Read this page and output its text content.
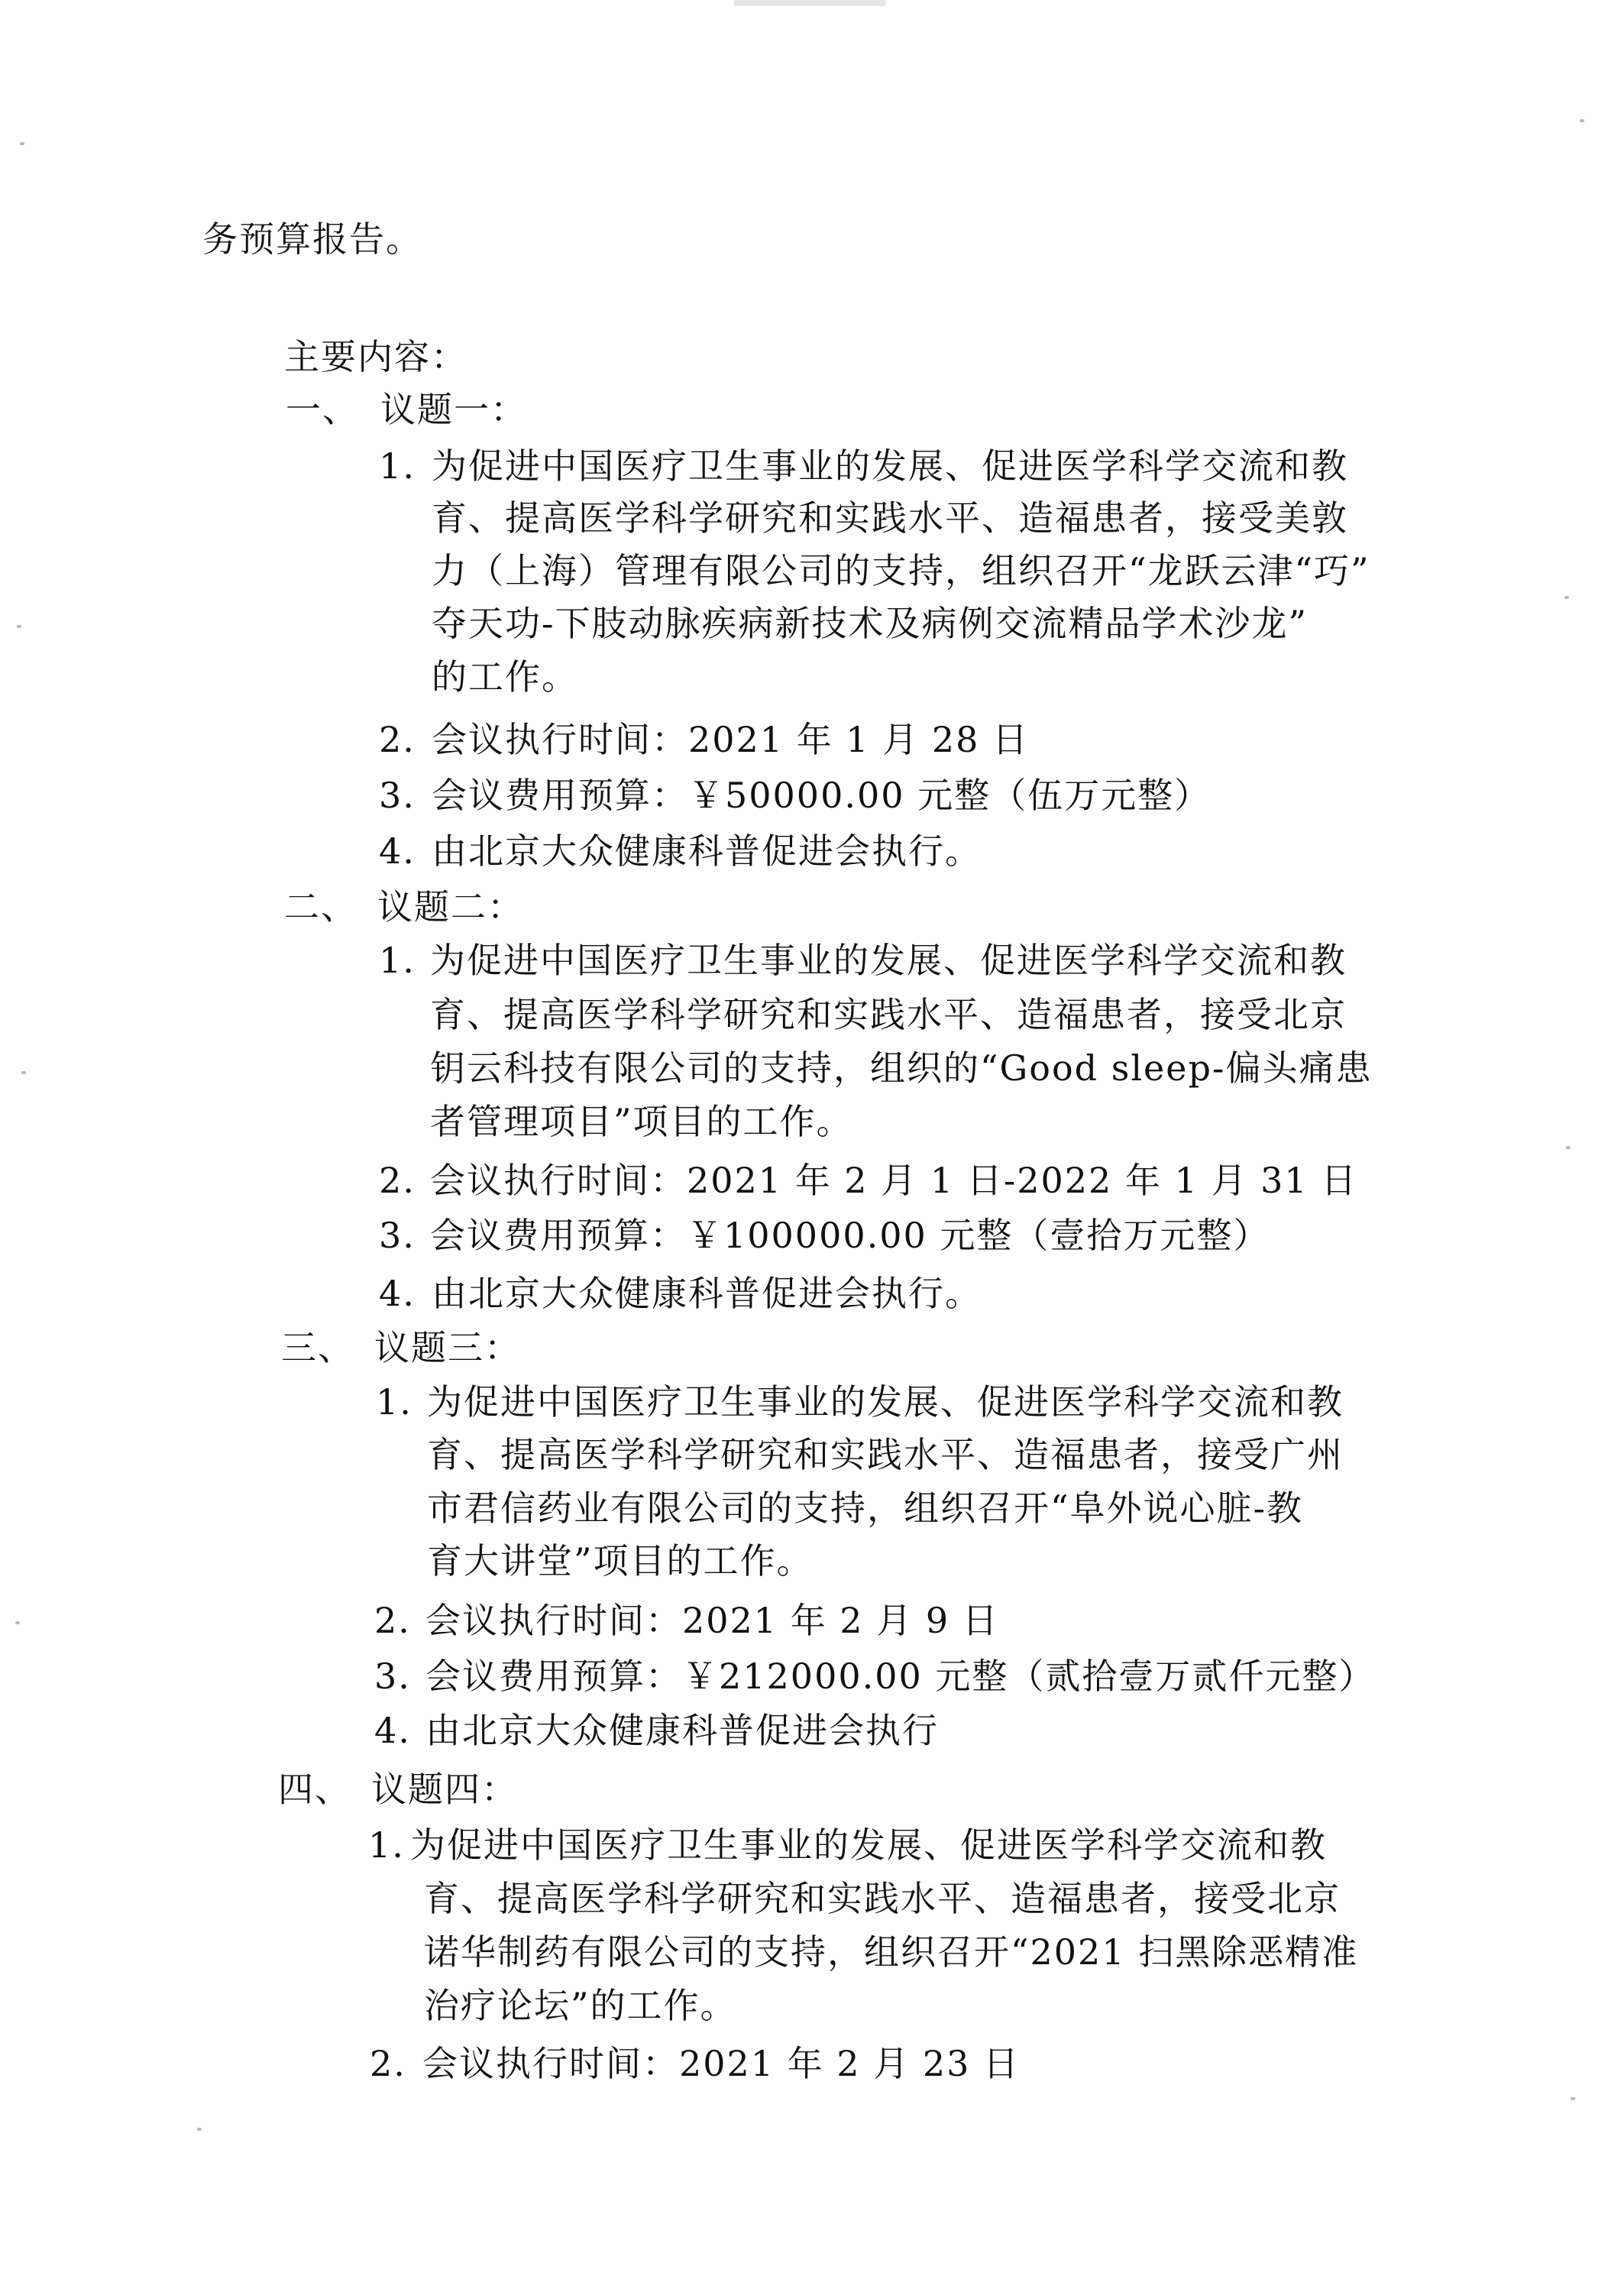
务预算报告。
主要内容：
一、 议题一：
1. 为促进中国医疗卫生事业的发展、促进医学科学交流和教
育、提高医学科学研究和实践水平、造福患者，接受美敦
力（上海）管理有限公司的支持，组织召开“龙跃云津“巧”
夺天功-下肢动脉疾病新技术及病例交流精品学术沙龙”
的工作。
2. 会议执行时间：2021 年 1 月 28 日
3. 会议费用预算：￥50000.00 元整（伍万元整）
4. 由北京大众健康科普促进会执行。
二、 议题二：
1. 为促进中国医疗卫生事业的发展、促进医学科学交流和教
育、提高医学科学研究和实践水平、造福患者，接受北京
钥云科技有限公司的支持，组织的“Good sleep-偏头痛患
者管理项目”项目的工作。
2. 会议执行时间：2021 年 2 月 1 日-2022 年 1 月 31 日
3. 会议费用预算：￥100000.00 元整（壹拾万元整）
4. 由北京大众健康科普促进会执行。
三、 议题三：
1. 为促进中国医疗卫生事业的发展、促进医学科学交流和教
育、提高医学科学研究和实践水平、造福患者，接受广州
市君信药业有限公司的支持，组织召开“阜外说心脏-教
育大讲堂”项目的工作。
2. 会议执行时间：2021 年 2 月 9 日
3. 会议费用预算：￥212000.00 元整（贰拾壹万贰仟元整）
4. 由北京大众健康科普促进会执行
四、 议题四：
1. 为促进中国医疗卫生事业的发展、促进医学科学交流和教
育、提高医学科学研究和实践水平、造福患者，接受北京
诺华制药有限公司的支持，组织召开“2021 扫黑除恶精准
治疗论坛”的工作。
2. 会议执行时间：2021 年 2 月 23 日
